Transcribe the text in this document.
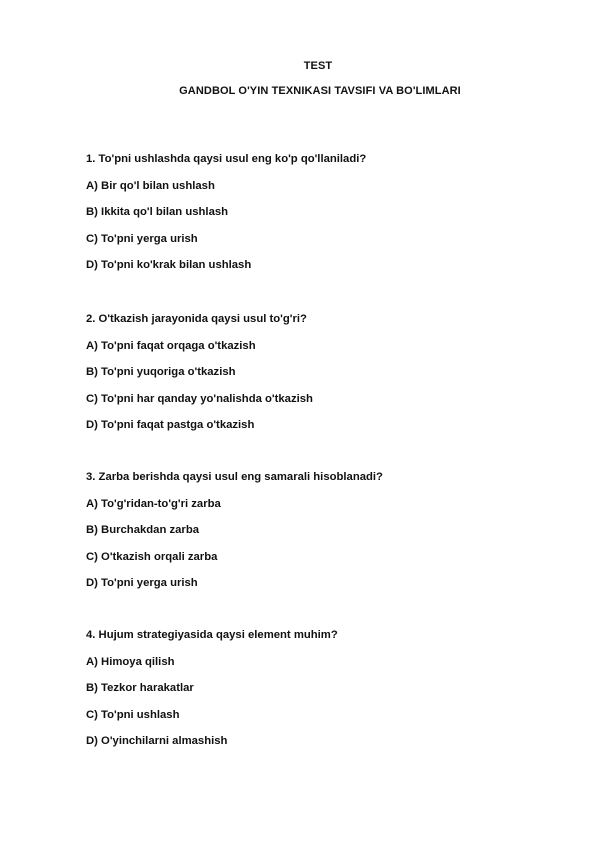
TEST
GANDBOL O'YIN TEXNIKASI TAVSIFI VA BO'LIMLARI

1. To'pni ushlashda qaysi usul eng ko'p qo'llaniladi?

A) Bir qo'l bilan ushlash

B) Ikkita qo'l bilan ushlash

C) To'pni yerga urish

D) To'pni ko'krak bilan ushlash

2. O'tkazish jarayonida qaysi usul to'g'ri?

A) To'pni faqat orqaga o'tkazish

B) To'pni yuqoriga o'tkazish

C) To'pni har qanday yo'nalishda o'tkazish

D) To'pni faqat pastga o'tkazish

3. Zarba berishda qaysi usul eng samarali hisoblanadi?

A) To'g'ridan-to'g'ri zarba

B) Burchakdan zarba

C) O'tkazish orqali zarba

D) To'pni yerga urish

4. Hujum strategiyasida qaysi element muhim?

A) Himoya qilish

B) Tezkor harakatlar

C) To'pni ushlash

D) O'yinchilarni almashish
